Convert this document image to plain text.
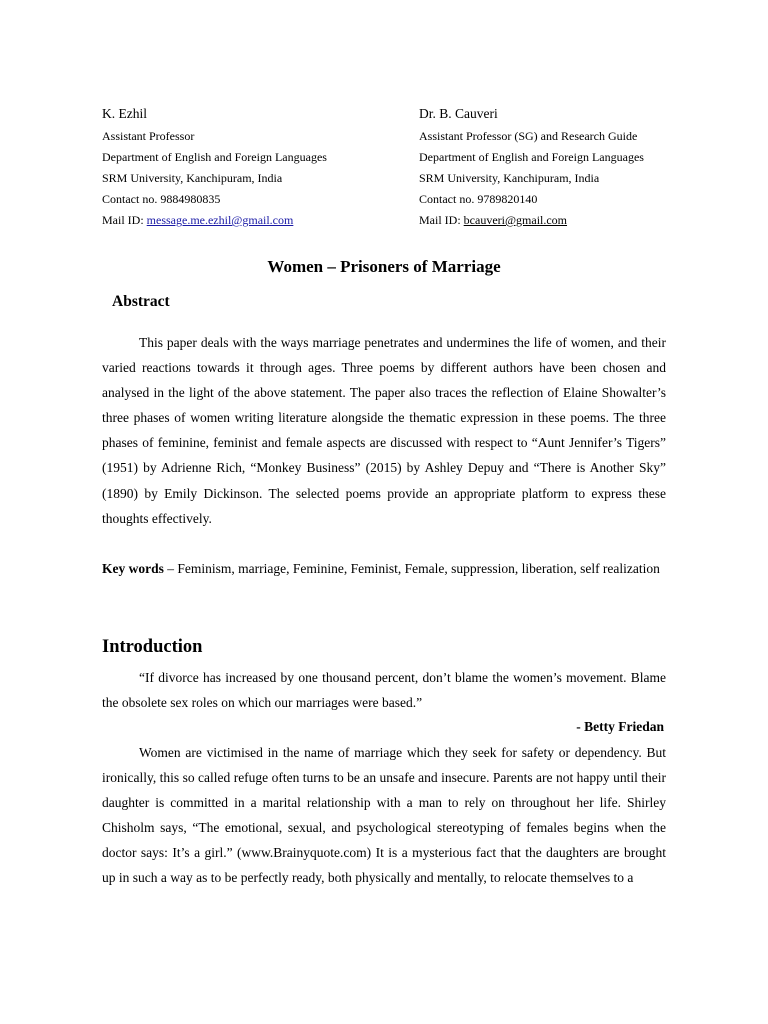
K. Ezhil

Assistant Professor

Department of English and Foreign Languages

SRM University, Kanchipuram, India

Contact no. 9884980835

Mail ID: message.me.ezhil@gmail.com

Dr. B. Cauveri

Assistant Professor (SG) and Research Guide

Department of English and Foreign Languages

SRM University, Kanchipuram, India

Contact no. 9789820140

Mail ID: bcauveri@gmail.com

Women – Prisoners of Marriage
Abstract

This paper deals with the ways marriage penetrates and undermines the life of women, and their varied reactions towards it through ages. Three poems by different authors have been chosen and analysed in the light of the above statement. The paper also traces the reflection of Elaine Showalter’s three phases of women writing literature alongside the thematic expression in these poems. The three phases of feminine, feminist and female aspects are discussed with respect to “Aunt Jennifer’s Tigers” (1951) by Adrienne Rich, “Monkey Business” (2015) by Ashley Depuy and “There is Another Sky” (1890) by Emily Dickinson. The selected poems provide an appropriate platform to express these thoughts effectively.

Key words – Feminism, marriage, Feminine, Feminist, Female, suppression, liberation, self realization

Introduction

“If divorce has increased by one thousand percent, don’t blame the women’s movement. Blame the obsolete sex roles on which our marriages were based.”

- Betty Friedan

Women are victimised in the name of marriage which they seek for safety or dependency. But ironically, this so called refuge often turns to be an unsafe and insecure. Parents are not happy until their daughter is committed in a marital relationship with a man to rely on throughout her life. Shirley Chisholm says, “The emotional, sexual, and psychological stereotyping of females begins when the doctor says: It’s a girl.” (www.Brainyquote.com) It is a mysterious fact that the daughters are brought up in such a way as to be perfectly ready, both physically and mentally, to relocate themselves to a
